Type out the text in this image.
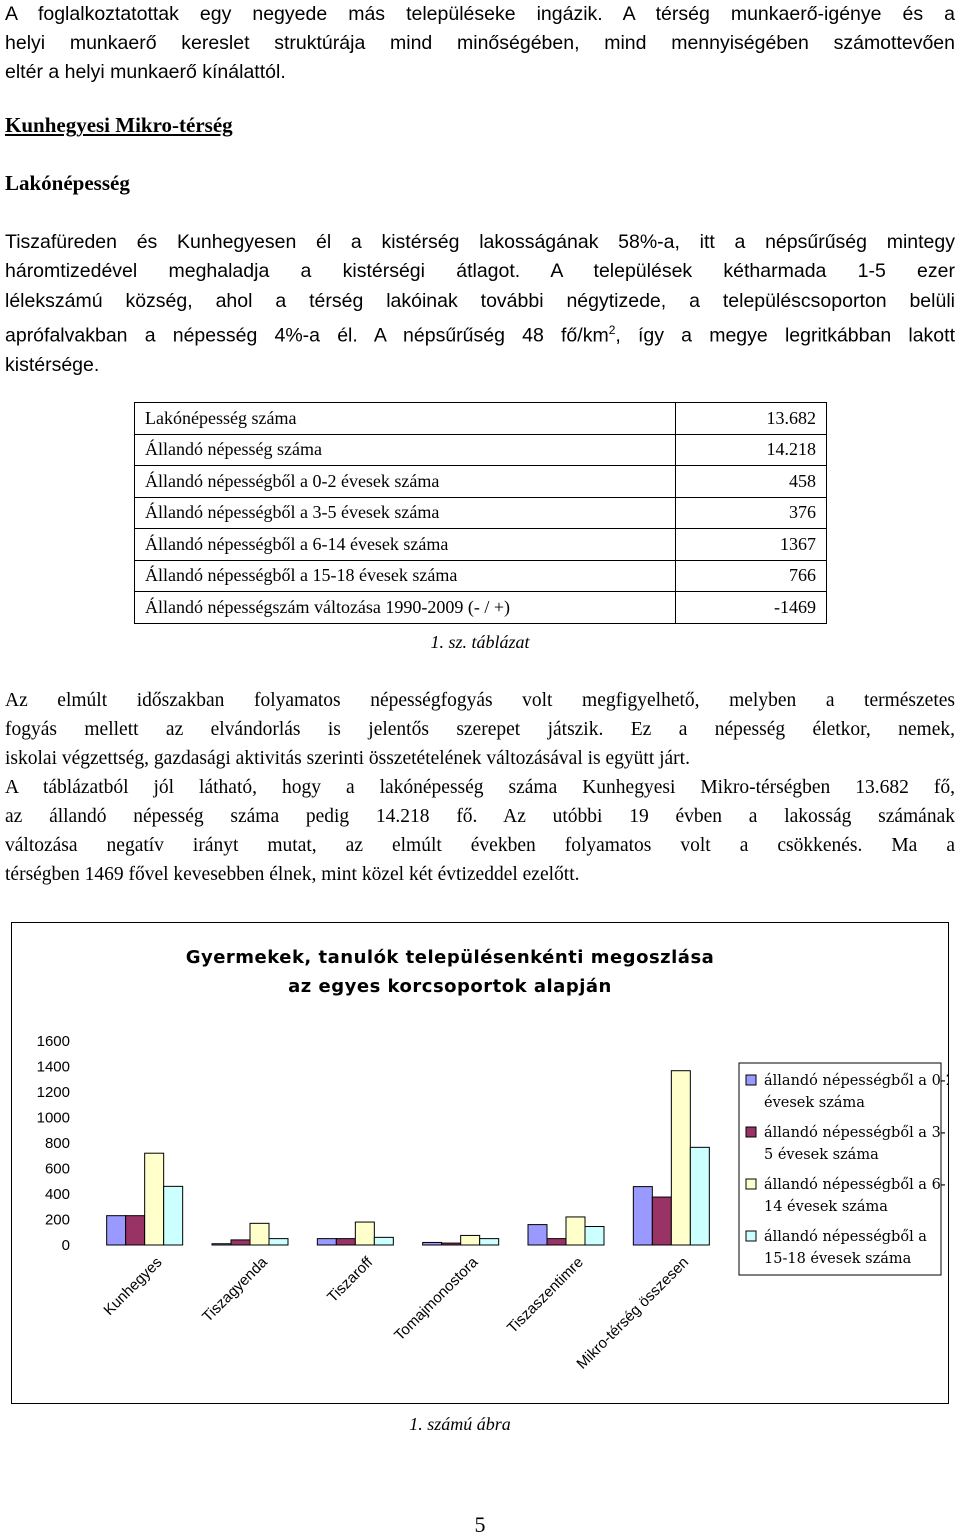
A foglalkoztatottak egy negyede más településeke ingázik. A térség munkaerő-igénye és a
helyi munkaerő kereslet struktúrája mind minőségében, mind mennyiségében számottevően
eltér a helyi munkaerő kínálattól.
Kunhegyesi Mikro-térség
Lakónépesség
Tiszafüreden és Kunhegyesen él a kistérség lakosságának 58%-a, itt a népsűrűség mintegy
háromtizedével meghaladja a kistérségi átlagot. A települések kétharmada 1-5 ezer
lélekszámú község, ahol a térség lakóinak további négytizede, a településcsoporton belüli
aprófalvakban a népesség 4%-a él. A népsűrűség 48 $fő/km^2$, így a megye legritkábban lakott
kistérsége.
Lakónépesség száma	13.682
Állandó népesség száma	14.218
Állandó népességből a 0-2 évesek száma	458
Állandó népességből a 3-5 évesek száma	376
Állandó népességből a 6-14 évesek száma	1367
Állandó népességből a 15-18 évesek száma	766
Állandó népességszám változása 1990-2009 (- / +)	-1469
1. sz. táblázat
Az elmúlt időszakban folyamatos népességfogyás volt megfigyelhető, melyben a természetes
fogyás mellett az elvándorlás is jelentős szerepet játszik. Ez a népesség életkor, nemek,
iskolai végzettség, gazdasági aktivitás szerinti összetételének változásával is együtt járt.
A táblázatból jól látható, hogy a lakónépesség száma Kunhegyesi Mikro-térségben 13.682 fő,
az állandó népesség száma pedig 14.218 fő. Az utóbbi 19 évben a lakosság számának
változása negatív irányt mutat, az elmúlt években folyamatos volt a csökkenés. Ma a
térségben 1469 fővel kevesebben élnek, mint közel két évtizeddel ezelőtt.
Gyermekek, tanulók településenkénti megoszlása
az egyes korcsoportok alapján
1600
1400
1200
1000
800
600
400
200
0
Kunhegyes Tiszagyenda	Tiszaroff Tomajmonostora Tiszaszentimre
Mikro-térség összesen
állandó népességből a 0-2
évesek száma
állandó népességből a 3-
5 évesek száma
állandó népességből a 6-
14 évesek száma
állandó népességből a
15-18 évesek száma
1. számú ábra
5
